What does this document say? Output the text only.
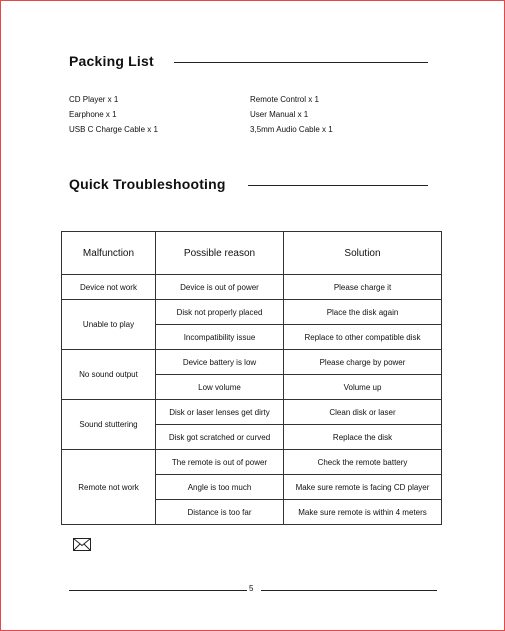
Packing List
CD Player x 1	Remote Control x 1
Earphone x 1	User Manual x 1
USB C Charge Cable x 1	3,5mm Audio Cable x 1
Quick Troubleshooting
Malfunction	Possible reason	Solution
Device not work	Device is out of power	Please charge it
Unable to play	Disk not properly placed	Place the disk again
	Incompatibility issue	Replace to other compatible disk
No sound output	Device battery is low	Please charge by power
	Low volume	Volume up
Sound stuttering	Disk or laser lenses get dirty	Clean disk or laser
	Disk got scratched or curved	Replace the disk
Remote not work	The remote is out of power	Check the remote battery
	Angle is too much	Make sure remote is facing CD player
	Distance is too far	Make sure remote is within 4 meters
5
